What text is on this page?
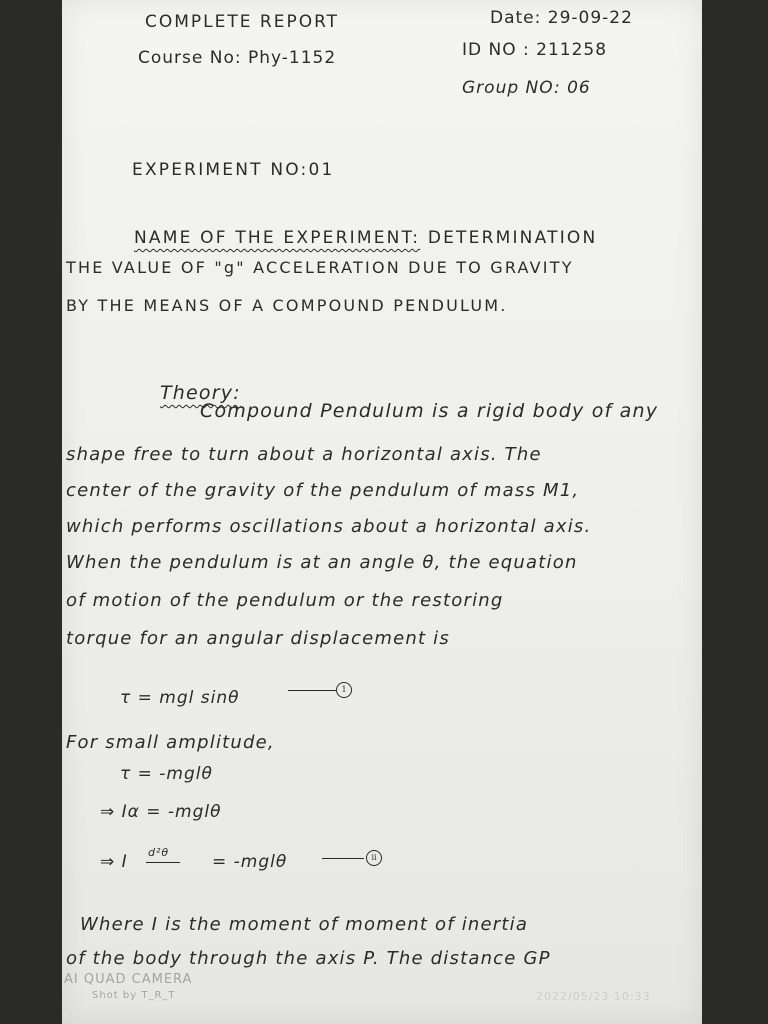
COMPLETE REPORT
Course No: Phy-1152
Date: 29-09-22
ID NO : 211258
Group NO: 06
EXPERIMENT NO:01
NAME OF THE EXPERIMENT: DETERMINATION
THE VALUE OF "g" ACCELERATION DUE TO GRAVITY
BY THE MEANS OF A COMPOUND PENDULUM.
Theory:
Compound Pendulum is a rigid body of any
shape free to turn about a horizontal axis. The
center of the gravity of the pendulum of mass M1,
which performs oscillations about a horizontal axis.
When the pendulum is at an angle θ, the equation
of motion of the pendulum or the restoring
torque for an angular displacement is
τ = mgl sinθ	1
For small amplitude,
τ = -mglθ
⇒ Iα = -mglθ
⇒ I d²θ	= -mglθ	ii
Where I is the moment of moment of inertia
of the body through the axis P. The distance GP
AI QUAD CAMERA
Shot by T_R_T	2022/05/23 10:33
